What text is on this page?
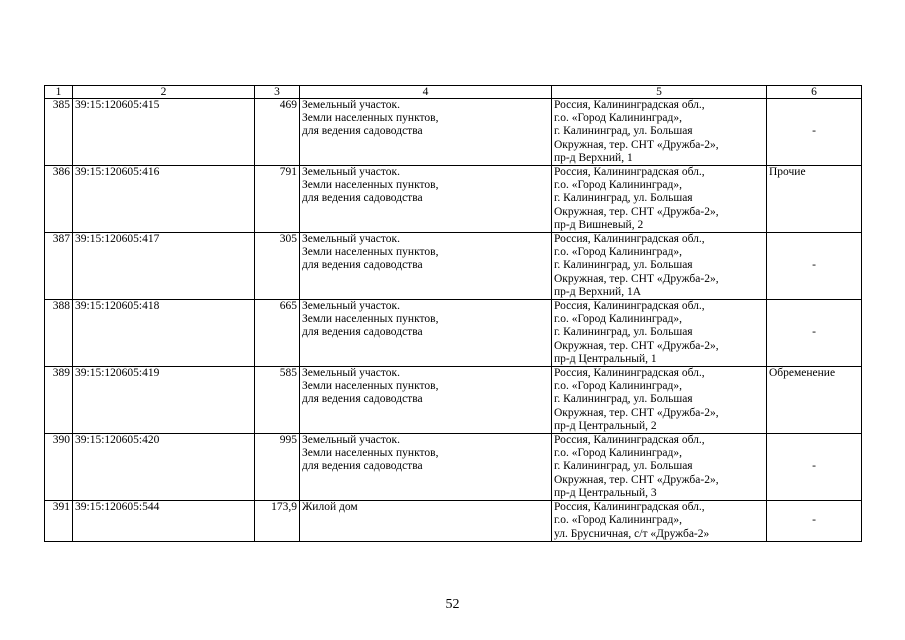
1	2	3	4	5	6
385	39:15:120605:415	469	Земельный участок.
Земли населенных пунктов,
для ведения садоводства	Россия, Калининградская обл.,
г.о. «Город Калининград»,
г. Калининград, ул. Большая
Окружная, тер. СНТ «Дружба-2»,
пр-д Верхний, 1	-
386	39:15:120605:416	791	Земельный участок.
Земли населенных пунктов,
для ведения садоводства	Россия, Калининградская обл.,
г.о. «Город Калининград»,
г. Калининград, ул. Большая
Окружная, тер. СНТ «Дружба-2»,
пр-д Вишневый, 2	Прочие
387	39:15:120605:417	305	Земельный участок.
Земли населенных пунктов,
для ведения садоводства	Россия, Калининградская обл.,
г.о. «Город Калининград»,
г. Калининград, ул. Большая
Окружная, тер. СНТ «Дружба-2»,
пр-д Верхний, 1А	-
388	39:15:120605:418	665	Земельный участок.
Земли населенных пунктов,
для ведения садоводства	Россия, Калининградская обл.,
г.о. «Город Калининград»,
г. Калининград, ул. Большая
Окружная, тер. СНТ «Дружба-2»,
пр-д Центральный, 1	-
389	39:15:120605:419	585	Земельный участок.
Земли населенных пунктов,
для ведения садоводства	Россия, Калининградская обл.,
г.о. «Город Калининград»,
г. Калининград, ул. Большая
Окружная, тер. СНТ «Дружба-2»,
пр-д Центральный, 2	Обременение
390	39:15:120605:420	995	Земельный участок.
Земли населенных пунктов,
для ведения садоводства	Россия, Калининградская обл.,
г.о. «Город Калининград»,
г. Калининград, ул. Большая
Окружная, тер. СНТ «Дружба-2»,
пр-д Центральный, 3	-
391	39:15:120605:544	173,9	Жилой дом	Россия, Калининградская обл.,
г.о. «Город Калининград»,
ул. Брусничная, с/т «Дружба-2»	-
52
